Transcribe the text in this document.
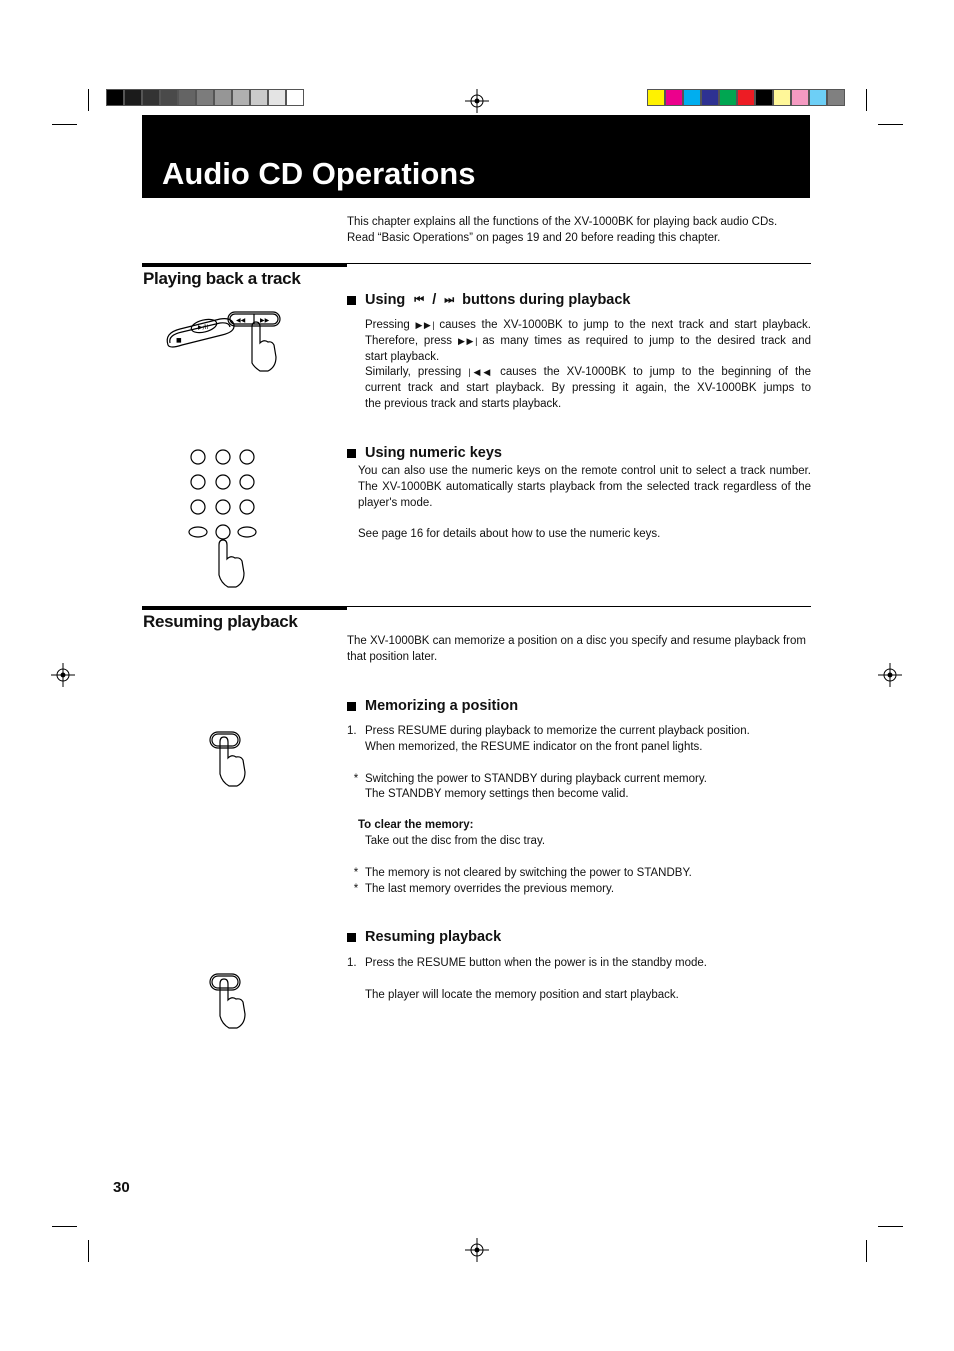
Audio CD Operations

This chapter explains all the functions of the XV-1000BK for playing back audio CDs.

Read “Basic Operations” on pages 19 and 20 before reading this chapter.

Playing back a track
Using ⏮ / ⏭ buttons during playback

Pressing ▶▶| causes the XV-1000BK to jump to the next track and start playback.

Therefore, press ▶▶| as many times as required to jump to the desired track and

start playback.

Similarly, pressing |◀◀ causes the XV-1000BK to jump to the beginning of the

current track and start playback. By pressing it again, the XV-1000BK jumps to

the previous track and starts playback.

■
▶/II
◀◀ ▶▶
Using numeric keys

You can also use the numeric keys on the remote control unit to select a track number. The XV-1000BK automatically starts playback from the selected track regardless of the player's mode.

See page 16 for details about how to use the numeric keys.

Resuming playback

The XV-1000BK can memorize a position on a disc you specify and resume playback from that position later.

Memorizing a position
1. Press RESUME during playback to memorize the current playback position.

When memorized, the RESUME indicator on the front panel lights.

* Switching the power to STANDBY during playback current memory.

The STANDBY memory settings then become valid.

To clear the memory:

Take out the disc from the disc tray.

* The memory is not cleared by switching the power to STANDBY.

* The last memory overrides the previous memory.

Resuming playback
1. Press the RESUME button when the power is in the standby mode.

The player will locate the memory position and start playback.

30
